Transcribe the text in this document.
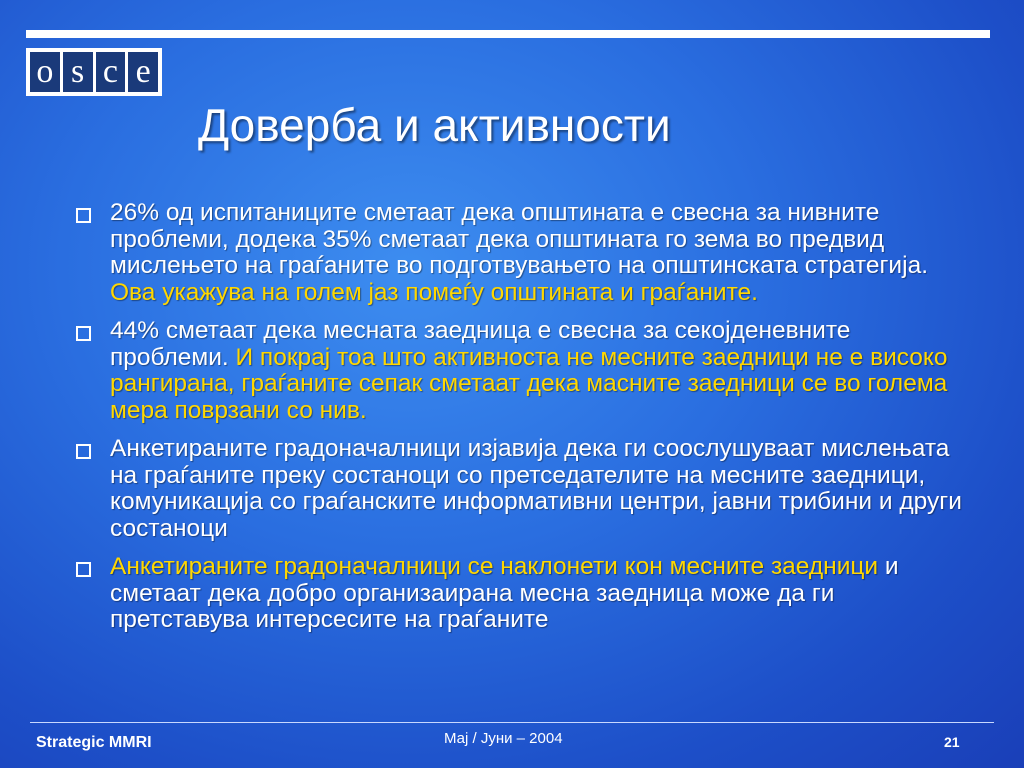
o s c e
Доверба и активности
26% од испитаниците сметаат дека општината е свесна за нивните проблеми, додека 35% сметаат дека општината го зема во предвид мислењето на граѓаните во подготвувањето на општинската стратегија. Ова укажува на голем јаз помеѓу општината и граѓаните.
44% сметаат дека месната заедница е свесна за секојденевните проблеми. И покрај тоа што активноста не месните заедници не е високо рангирана, граѓаните сепак сметаат дека масните заедници се во голема мера поврзани со нив.
Анкетираните градоначалници изјавија дека ги сооcлушуваат мислењата на граѓаните преку состаноци со претседателите на месните заедници, комуникација со граѓанските информативни центри, јавни трибини и други состаноци
Анкетираните градоначалници се наклонети кон месните заедници и сметаат дека добро организаирана месна заедница може да ги претставува интерсесите на граѓаните
Strategic MMRI	Мај / Јуни – 2004	21
